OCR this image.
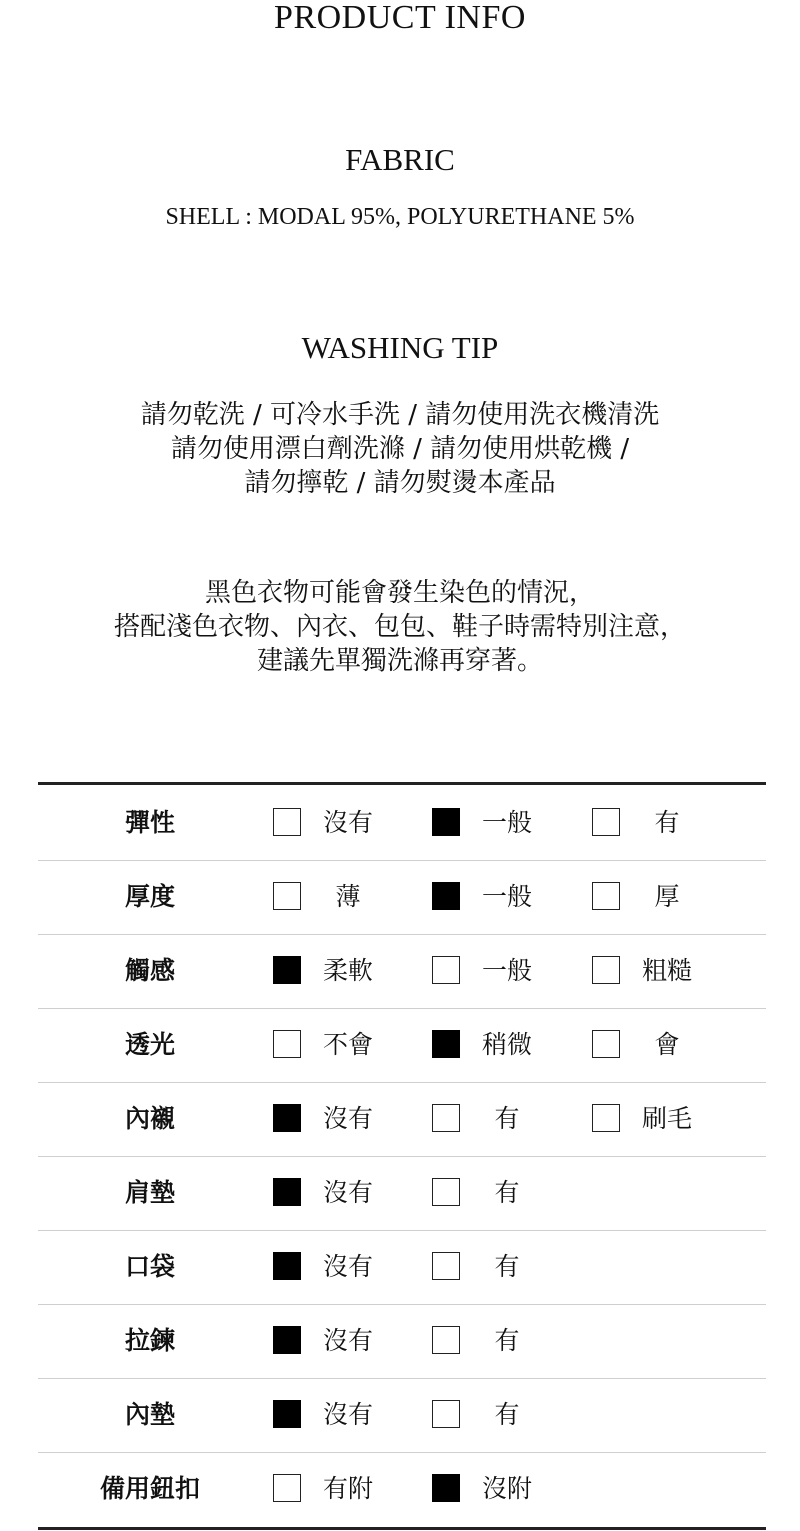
PRODUCT INFO
FABRIC
SHELL : MODAL 95%, POLYURETHANE 5%
WASHING TIP
請勿乾洗 / 可冷水手洗 / 請勿使用洗衣機清洗
請勿使用漂白劑洗滌 / 請勿使用烘乾機 /
請勿擰乾 / 請勿熨燙本產品
黑色衣物可能會發生染色的情況，
搭配淺色衣物、內衣、包包、鞋子時需特別注意，
建議先單獨洗滌再穿著。
彈性	沒有	一般	有
厚度	薄	一般	厚
觸感	柔軟	一般	粗糙
透光	不會	稍微	會
內襯	沒有	有	刷毛
肩墊	沒有	有
口袋	沒有	有
拉鍊	沒有	有
內墊	沒有	有
備用鈕扣	有附	沒附
